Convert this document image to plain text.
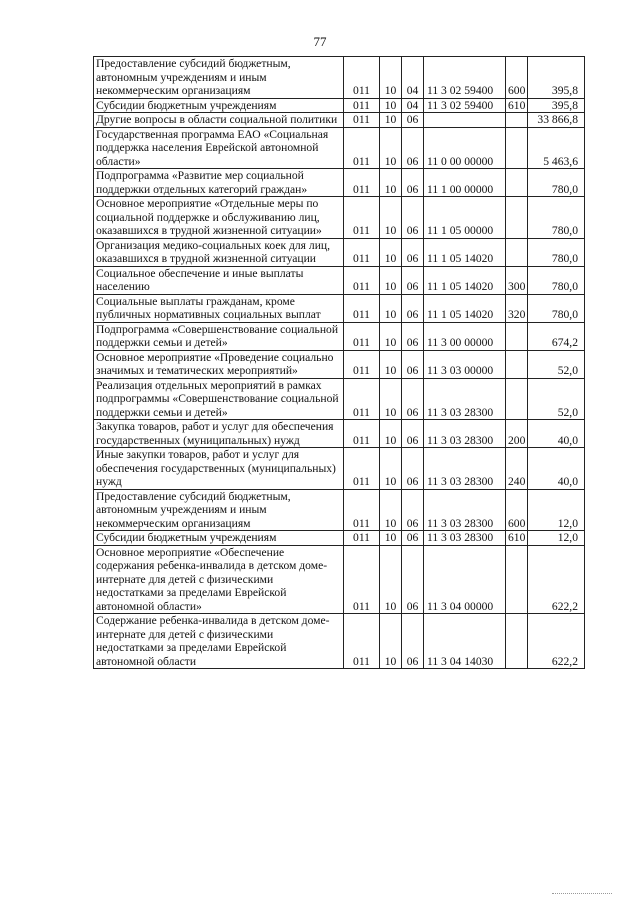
77
Предоставление субсидий бюджетным, автономным учреждениям и иным некоммерческим организациям	011	10	04	11 3 02 59400	600	395,8
Субсидии бюджетным учреждениям	011	10	04	11 3 02 59400	610	395,8
Другие вопросы в области социальной политики	011	10	06			33 866,8
Государственная программа ЕАО «Социальная поддержка населения Еврейской автономной области»	011	10	06	11 0 00 00000		5 463,6
Подпрограмма «Развитие мер социальной поддержки отдельных категорий граждан»	011	10	06	11 1 00 00000		780,0
Основное мероприятие «Отдельные меры по социальной поддержке и обслуживанию лиц, оказавшихся в трудной жизненной ситуации»	011	10	06	11 1 05 00000		780,0
Организация медико-социальных коек для лиц, оказавшихся в трудной жизненной ситуации	011	10	06	11 1 05 14020		780,0
Социальное обеспечение и иные выплаты населению	011	10	06	11 1 05 14020	300	780,0
Социальные выплаты гражданам, кроме публичных нормативных социальных выплат	011	10	06	11 1 05 14020	320	780,0
Подпрограмма «Совершенствование социальной поддержки семьи и детей»	011	10	06	11 3 00 00000		674,2
Основное мероприятие «Проведение социально значимых и тематических мероприятий»	011	10	06	11 3 03 00000		52,0
Реализация отдельных мероприятий в рамках подпрограммы «Совершенствование социальной поддержки семьи и детей»	011	10	06	11 3 03 28300		52,0
Закупка товаров, работ и услуг для обеспечения государственных (муниципальных) нужд	011	10	06	11 3 03 28300	200	40,0
Иные закупки товаров, работ и услуг для обеспечения государственных (муниципальных) нужд	011	10	06	11 3 03 28300	240	40,0
Предоставление субсидий бюджетным, автономным учреждениям и иным некоммерческим организациям	011	10	06	11 3 03 28300	600	12,0
Субсидии бюджетным учреждениям	011	10	06	11 3 03 28300	610	12,0
Основное мероприятие «Обеспечение содержания ребенка-инвалида в детском доме-интернате для детей с физическими недостатками за пределами Еврейской автономной области»	011	10	06	11 3 04 00000		622,2
Содержание ребенка-инвалида в детском доме-интернате для детей с физическими недостатками за пределами Еврейской автономной области	011	10	06	11 3 04 14030		622,2
